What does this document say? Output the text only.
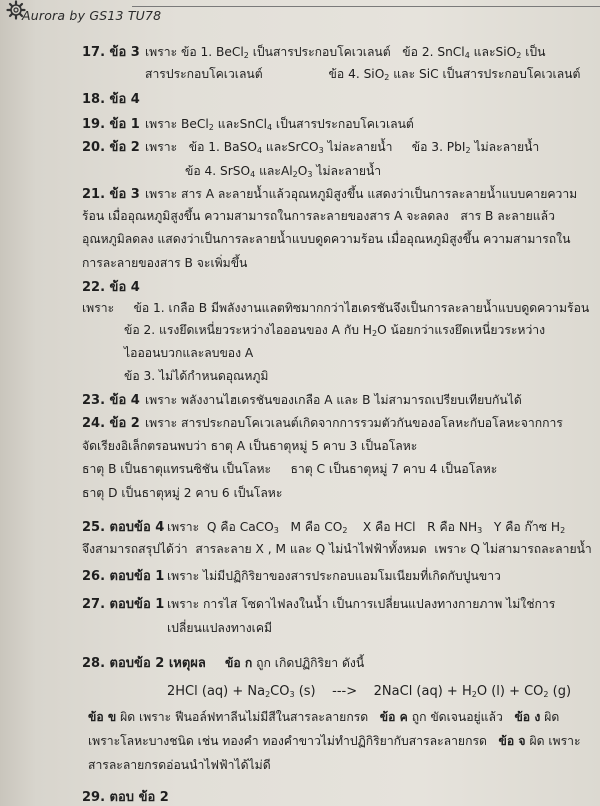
Aurora by GS13 TU78
17. ข้อ 3 เพราะ ข้อ 1. BeCl$_2$ เป็นสารประกอบโคเวเลนต์   ข้อ 2. SnCl$_4$ และSiO$_2$ เป็น
สารประกอบโคเวเลนต์                 ข้อ 4. SiO$_2$ และ SiC เป็นสารประกอบโคเวเลนต์
18. ข้อ 4
19. ข้อ 1 เพราะ BeCl$_2$ และSnCl$_4$ เป็นสารประกอบโคเวเลนต์
20. ข้อ 2 เพราะ   ข้อ 1. BaSO$_4$ และSrCO$_3$ ไม่ละลายน้ำ     ข้อ 3. PbI$_2$ ไม่ละลายน้ำ
ข้อ 4. SrSO$_4$ และ$Al_2O_3$ ไม่ละลายน้ำ
21. ข้อ 3 เพราะ สาร A ละลายน้ำแล้วอุณหภูมิสูงขึ้น แสดงว่าเป็นการละลายน้ำแบบคายความ
ร้อน เมื่ออุณหภูมิสูงขึ้น ความสามารถในการละลายของสาร A จะลดลง   สาร B ละลายแล้ว
อุณหภูมิลดลง แสดงว่าเป็นการละลายน้ำแบบดูดความร้อน เมื่ออุณหภูมิสูงขึ้น ความสามารถใน
การละลายของสาร B จะเพิ่มขึ้น
22. ข้อ 4
เพราะ     ข้อ 1. เกลือ B มีพลังงานแลตทิซมากกว่าไฮเดรชันจึงเป็นการละลายน้ำแบบดูดความร้อน
ข้อ 2. แรงยึดเหนี่ยวระหว่างไอออนของ A กับ $H_2O$ น้อยกว่าแรงยึดเหนี่ยวระหว่าง
ไอออนบวกและลบของ A
ข้อ 3. ไม่ได้กำหนดอุณหภูมิ
23. ข้อ 4 เพราะ พลังงานไฮเดรชันของเกลือ A และ B ไม่สามารถเปรียบเทียบกันได้
24. ข้อ 2 เพราะ สารประกอบโคเวเลนต์เกิดจากการรวมตัวกันของอโลหะกับอโลหะจากการ
จัดเรียงอิเล็กตรอนพบว่า ธาตุ A เป็นธาตุหมู่ 5 คาบ 3 เป็นอโลหะ
ธาตุ B เป็นธาตุแทรนซิชัน เป็นโลหะ     ธาตุ C เป็นธาตุหมู่ 7 คาบ 4 เป็นอโลหะ
ธาตุ D เป็นธาตุหมู่ 2 คาบ 6 เป็นโลหะ
25. ตอบข้อ 4 เพราะ  Q คือ CaCO$_3$   M คือ $CO_2$    X คือ HCl   R คือ $NH_3$   Y คือ ก๊าซ $H_2$
จึงสามารถสรุปได้ว่า  สารละลาย X , M และ Q ไม่นำไฟฟ้าทั้งหมด  เพราะ Q ไม่สามารถละลายน้ำ
26. ตอบข้อ 1 เพราะ ไม่มีปฏิกิริยาของสารประกอบแอมโมเนียมที่เกิดกับปูนขาว
27. ตอบข้อ 1 เพราะ การไส โซดาไฟลงในน้ำ เป็นการเปลี่ยนแปลงทางกายภาพ ไม่ใช่การ
เปลี่ยนแปลงทางเคมี
28. ตอบข้อ 2 เหตุผล ข้อ ก ถูก เกิดปฏิกิริยา ดังนี้
2HCl $(aq) + Na_2CO_3$ (s)    --->    2NaCl $(aq) + H_2O$ $(l) + CO_2$ (g)
ข้อ ข ผิด เพราะ ฟีนอล์ฟทาลีนไม่มีสีในสารละลายกรด   ข้อ ค ถูก ขัดเจนอยู่แล้ว   ข้อ ง ผิด
เพราะโลหะบางชนิด เช่น ทองคำ ทองคำขาวไม่ทำปฏิกิริยากับสารละลายกรด   ข้อ จ ผิด เพราะ
สารละลายกรดอ่อนนำไฟฟ้าได้ไม่ดี
29. ตอบ ข้อ 2
